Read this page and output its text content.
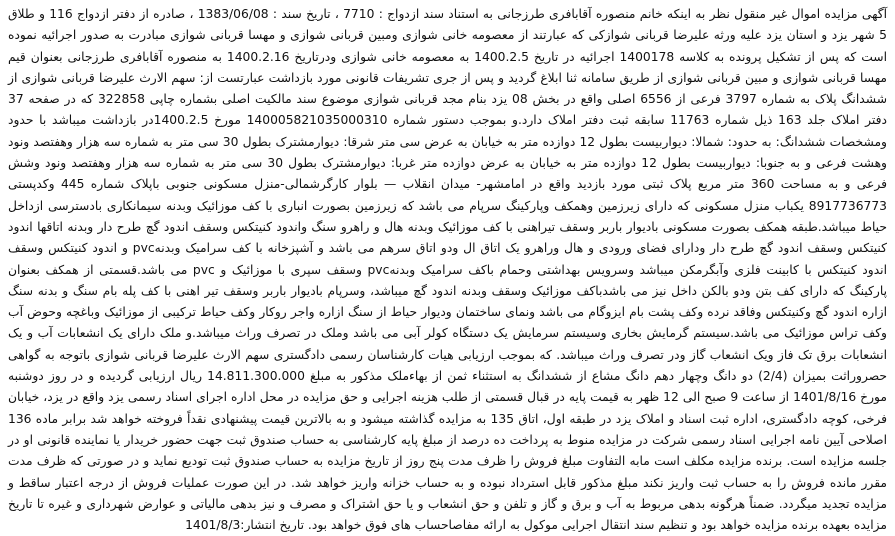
آگهی مزایده اموال غیر منقول نظر به اینکه خانم منصوره آقابافری طرزجانی به استناد سند ازدواج : 7710 ، تاریخ سند : 1383/06/08 ، صادره از دفتر ازدواج 116 و طلاق 5 شهر یزد و استان یزد علیه ورثه علیرضا قربانی شوازکی که عبارتند از معصومه خانی شوازی ومبین قربانی شوازی و مهسا قربانی شوازی مبادرت به صدور اجرائیه نموده است که پس از تشکیل پرونده به کلاسه 1400178 اجرائیه در تاریخ 1400.2.5 به معصومه خانی شوازی ودرتاریخ 1400.2.16 به منصوره آقابافری طرزجانی بعنوان قیم مهسا قربانی شوازی و مبین قربانی شوازی از طریق سامانه ثنا ابلاغ گردید و پس از جری تشریفات قانونی مورد بازداشت عبارتست از: سهم الارث علیرضا قربانی شوازی از ششدانگ پلاک به شماره 3797 فرعی از 6556 اصلی واقع در بخش 08 یزد بنام مجد قربانی شوازی موضوع سند مالکیت اصلی بشماره چاپی 322858 که در صفحه 37 دفتر املاک جلد 163 ذیل شماره 11763 سابقه ثبت دفتر املاک دارد.و بموجب دستور شماره 140005821035000310 مورخ 1400.2.5در بازداشت میباشد با حدود ومشخصات ششدانگ: به حدود: شمالا: دیواربیست بطول 12 دوازده متر به خیابان به عرض سی متر شرقا: دیوارمشترک بطول 30 سی متر به شماره سه هزار وهفتصد ونود وهشت فرعی و به جنوبا: دیواربیست بطول 12 دوازده متر به خیابان به عرض دوازده متر غربا: دیوارمشترک بطول 30 سی متر به شماره سه هزار وهفتصد ونود وشش فرعی و به مساحت 360 متر مربع پلاک ثبتی مورد بازدید واقع در امامشهر- میدان انقلاب — بلوار کارگرشمالی-منزل مسکونی جنوبی باپلاک شماره 445 وکدپستی 8917736773 یکباب منزل مسکونی که دارای زیرزمین وهمکف وپارکینگ سرپام می باشد که زیرزمین بصورت انباری با کف موزائیک وبدنه سیمانکاری بادسترسی ازداخل حیاط میباشد.طبقه همکف بصورت مسکونی بادیوار باربر وسقف تیراهنی با کف موزائیک وبدنه هال و راهرو سنگ واندود کنیتکس وسقف اندود گچ طرح دار وبدنه اتاقها اندود کنیتکس وسقف اندود گچ طرح دار ودارای فضای ورودی و هال وراهرو یک اتاق ال ودو اتاق سرهم می باشد و آشپزخانه با کف سرامیک وبدنهpvc و اندود کنیتکس وسقف اندود کنیتکس با کابینت فلزی وآبگرمکن میباشد وسرویس بهداشتی وحمام باکف سرامیک وبدنهpvc وسقف سپری با موزائیک و pvc می باشد.قسمتی از همکف بعنوان پارکینگ که دارای کف بتن ودو بالکن داخل نیز می باشدباکف موزائیک وسقف وبدنه اندود گچ میباشد، وسرپام بادیوار باربر وسقف تیر اهنی با کف پله بام سنگ و بدنه سنگ ازاره اندود گچ وکنیتکس وفاقد نرده وکف پشت بام ایزوگام می باشد ونمای ساختمان ودیوار حیاط از سنگ ازاره واجر روکار وکف حیاط ترکیبی از موزائیک وباغچه وحوض آب وکف تراس موزائیک می باشد.سیستم گرمایش بخاری وسیستم سرمایش یک دستگاه کولر آبی می باشد وملک در تصرف وراث میباشد.و ملک دارای یک انشعابات آب و یک انشعابات برق تک فاز ویک انشعاب گاز ودر تصرف وراث میباشد. که بموجب ارزیابی هیات کارشناسان رسمی دادگستری سهم الارث علیرضا قربانی شوازی باتوجه به گواهی حصروراثت بمیزان (2/4) دو دانگ وچهار دهم دانگ مشاع از ششدانگ به استثناء ثمن از بهاءملک مذکور به مبلغ 14.811.300.000 ریال ارزیابی گردیده و در روز دوشنبه مورخ 1401/8/16 از ساعت 9 صبح الی 12 ظهر به قیمت پایه در قبال قسمتی از طلب هزینه اجرایی و حق مزایده در محل اداره اجرای اسناد رسمی یزد واقع در یزد، خیابان فرخی، کوچه دادگستری، اداره ثبت اسناد و املاک یزد در طبقه اول، اتاق 135 به مزایده گذاشته میشود و به بالاترین قیمت پیشنهادی نقداً فروخته خواهد شد برابر ماده 136 اصلاحی آیین نامه اجرایی اسناد رسمی شرکت در مزایده منوط به پرداخت ده درصد از مبلغ پایه کارشناسی به حساب صندوق ثبت جهت حضور خریدار یا نماینده قانونی او در جلسه مزایده است. برنده مزایده مکلف است مابه التفاوت مبلغ فروش را ظرف مدت پنج روز از تاریخ مزایده به حساب صندوق ثبت تودیع نماید و در صورتی که ظرف مدت مقرر مانده فروش را به حساب ثبت واریز نکند مبلغ مذکور قابل استرداد نبوده و به حساب خزانه واریز خواهد شد. در این صورت عملیات فروش از درجه اعتبار ساقط و مزایده تجدید میگردد. ضمناً هرگونه بدهی مربوط به آب و برق و گاز و تلفن و حق انشعاب و یا حق اشتراک و مصرف و نیز بدهی مالیاتی و عوارض شهرداری و غیره تا تاریخ مزایده بعهده برنده مزایده خواهد بود و تنظیم سند انتقال اجرایی موکول به ارائه مفاصاحساب های فوق خواهد بود. تاریخ انتشار:1401/8/3
